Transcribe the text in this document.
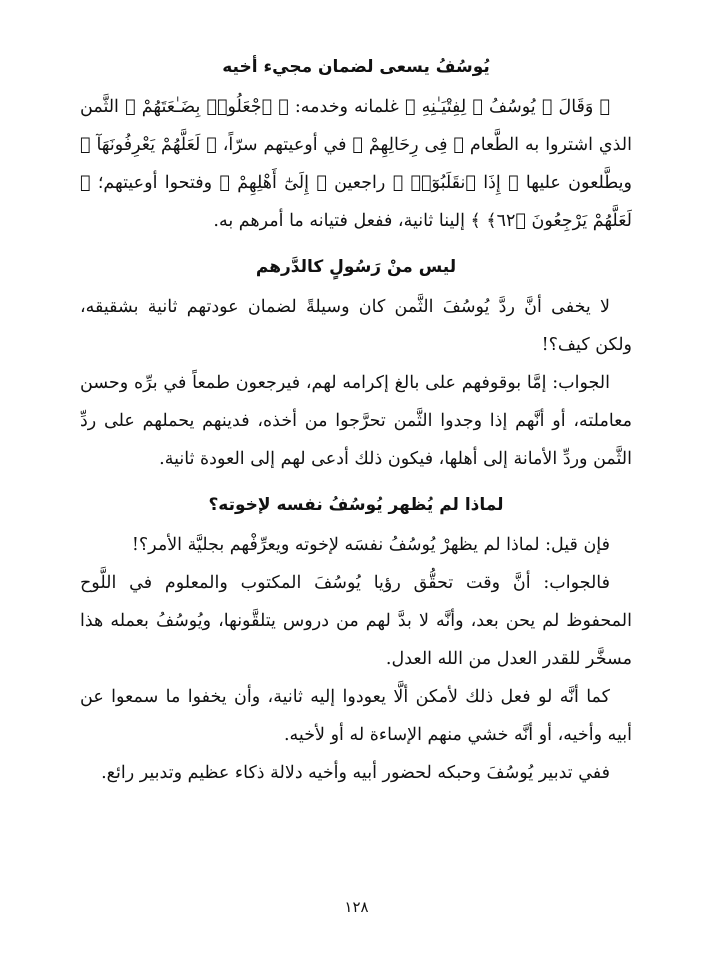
يُوسُفُ يسعى لضمان مجيء أخيه

﴿ وَقَالَ ﴾ يُوسُفُ ﴿ لِفِتْيَـٰنِهِ ﴾ غلمانه وخدمه: ﴿ ٱجْعَلُوا۟ بِضَـٰعَتَهُمْ ﴾ الثَّمن الذي اشتروا به الطَّعام ﴿ فِى رِحَالِهِمْ ﴾ في أوعيتهم سرّاً، ﴿ لَعَلَّهُمْ يَعْرِفُونَهَآ ﴾ ويطَّلعون عليها ﴿ إِذَا ٱنقَلَبُوٓا۟ ﴾ راجعين ﴿ إِلَىٰٓ أَهْلِهِمْ ﴾ وفتحوا أوعيتهم؛ ﴿ لَعَلَّهُمْ يَرْجِعُونَ ﴿٦٢﴾ ﴾ إلينا ثانية، ففعل فتيانه ما أمرهم به.

ليس منْ رَسُولٍ كالدَّرهم

لا يخفى أنَّ ردَّ يُوسُفَ الثَّمن كان وسيلةً لضمان عودتهم ثانية بشقيقه، ولكن كيف؟!

الجواب: إمَّا بوقوفهم على بالغ إكرامه لهم، فيرجعون طمعاً في برِّه وحسن معاملته، أو أنَّهم إذا وجدوا الثَّمن تحرَّجوا من أخذه، فدينهم يحملهم على ردِّ الثَّمن وردِّ الأمانة إلى أهلها، فيكون ذلك أدعى لهم إلى العودة ثانية.

لماذا لم يُظهر يُوسُفُ نفسه لإخوته؟

فإن قيل: لماذا لم يظهرْ يُوسُفُ نفسَه لإخوته ويعرِّفْهم بجليَّة الأمر؟!

فالجواب: أنَّ وقت تحقُّق رؤيا يُوسُفَ المكتوب والمعلوم في اللَّوح المحفوظ لم يحن بعد، وأنَّه لا بدَّ لهم من دروس يتلقَّونها، ويُوسُفُ بعمله هذا مسخَّر للقدر العدل من الله العدل.

كما أنَّه لو فعل ذلك لأمكن ألَّا يعودوا إليه ثانية، وأن يخفوا ما سمعوا عن أبيه وأخيه، أو أنَّه خشي منهم الإساءة له أو لأخيه.

ففي تدبير يُوسُفَ وحبكه لحضور أبيه وأخيه دلالة ذكاء عظيم وتدبير رائع.

١٢٨
